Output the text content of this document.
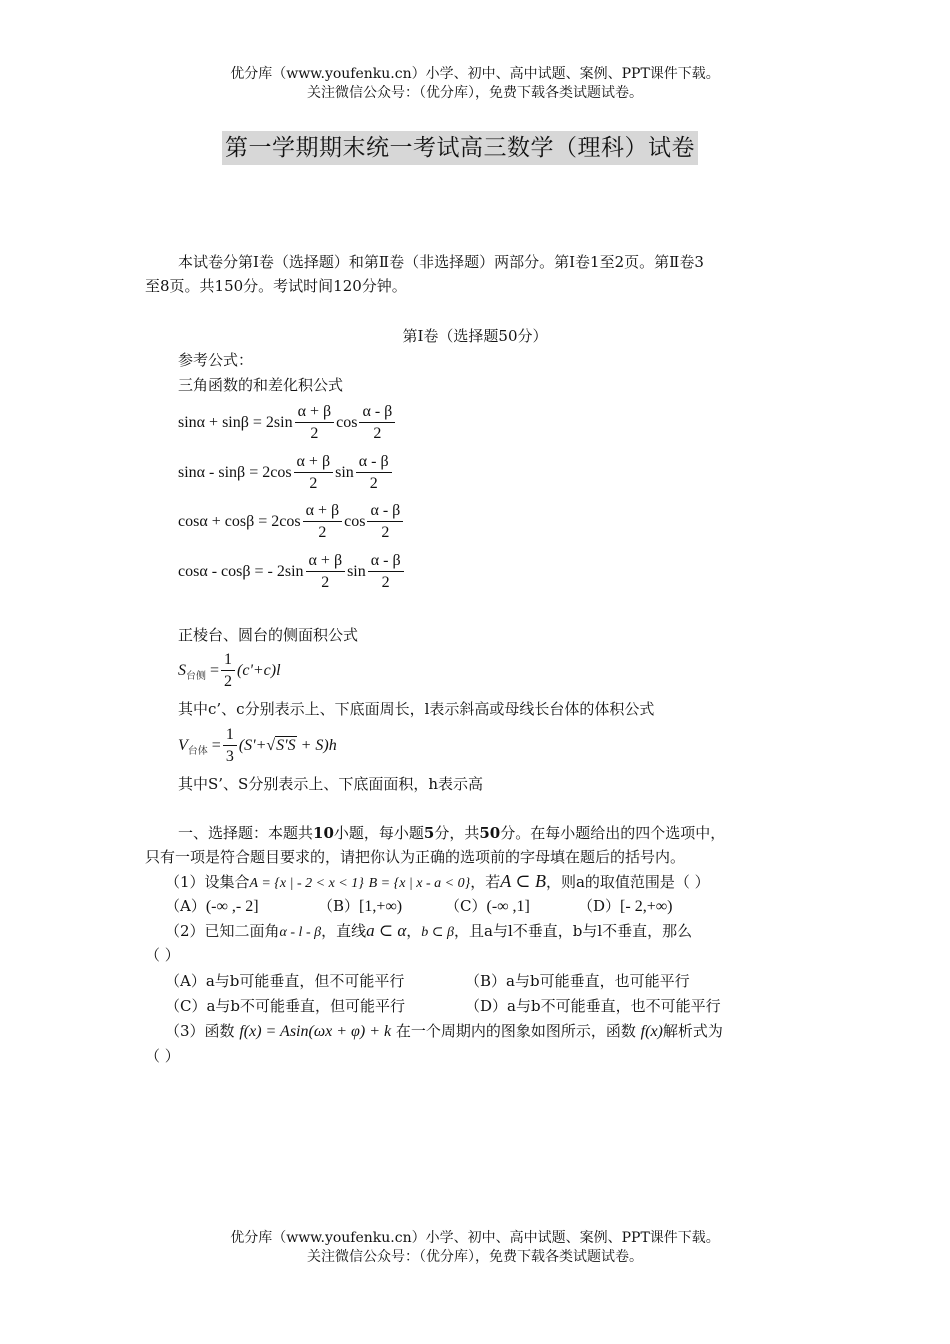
优分库（www.youfenku.cn）小学、初中、高中试题、案例、PPT课件下载。
关注微信公众号：（优分库），免费下载各类试题试卷。
第一学期期末统一考试高三数学（理科）试卷
本试卷分第Ⅰ卷（选择题）和第Ⅱ卷（非选择题）两部分。第Ⅰ卷1至2页。第Ⅱ卷3
至8页。共150分。考试时间120分钟。
第Ⅰ卷（选择题50分）
参考公式：
三角函数的和差化积公式
$\sin\alpha + \sin\beta = 2\sin \frac{\alpha + \beta}{2}$ $\cos \frac{\alpha - \beta}{2}$
$\sin\alpha - \sin\beta = 2\cos \frac{\alpha + \beta}{2}$ $\sin \frac{\alpha - \beta}{2}$
$\cos\alpha + \cos\beta = 2\cos \frac{\alpha + \beta}{2}$ $\cos \frac{\alpha - \beta}{2}$
cosα - cosβ = - $2\sin \frac{\alpha + \beta}{2}$ $\sin \frac{\alpha - \beta}{2}$
正棱台、圆台的侧面积公式
$S_{台侧} = \frac{1}{2} (c'+c)l$
其中c’、c分别表示上、下底面周长，l表示斜高或母线长台体的体积公式
$V_{台体} = \frac{1}{3} (S'+√S'S + S)h$
其中S’、S分别表示上、下底面面积，h表示高
一、选择题：本题共10小题，每小题5分，共50分。在每小题给出的四个选项中，
只有一项是符合题目要求的，请把你认为正确的选项前的字母填在题后的括号内。
（1）设集合A = {x | - 2 < x < 1} B = {x | x - a < 0}，若A ⊂ B，则a的取值范围是（ ）
（A）(-∞ ,- 2]	（B）[1,+∞)	（C）(-∞ ,1]	（D）[- 2,+∞)
（2）已知二面角α - l - β，直线a ⊂ α，b ⊂ β，且a与l不垂直，b与l不垂直，那么
（ ）
（A）a与b可能垂直，但不可能平行	（B）a与b可能垂直，也可能平行
（C）a与b不可能垂直，但可能平行	（D）a与b不可能垂直，也不可能平行
（3）函数 f(x) = Asin(ωx + φ) + k 在一个周期内的图象如图所示，函数 f(x)解析式为
（ ）
优分库（www.youfenku.cn）小学、初中、高中试题、案例、PPT课件下载。
关注微信公众号：（优分库），免费下载各类试题试卷。
